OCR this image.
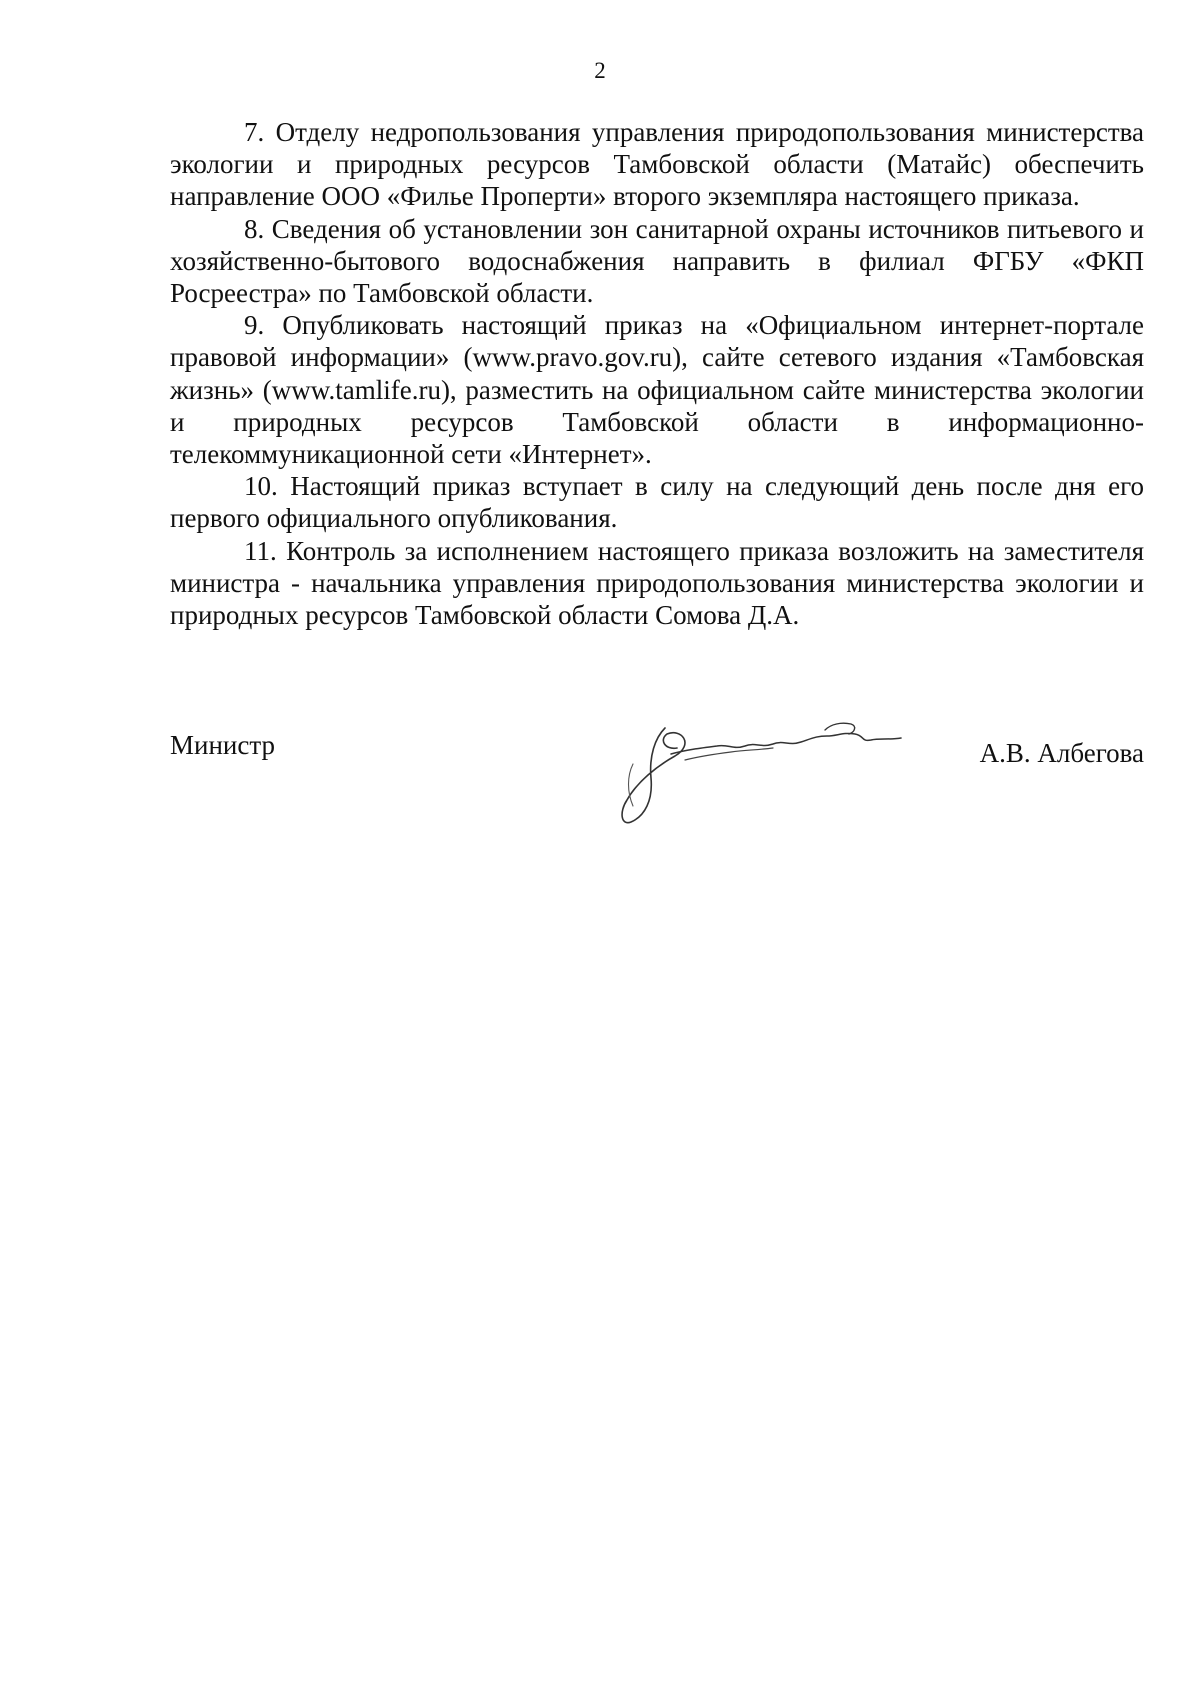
2

7. Отделу недропользования управления природопользования министерства экологии и природных ресурсов Тамбовской области (Матайс) обеспечить направление ООО «Филье Проперти» второго экземпляра настоящего приказа.

8. Сведения об установлении зон санитарной охраны источников питьевого и хозяйственно-бытового водоснабжения направить в филиал ФГБУ «ФКП Росреестра» по Тамбовской области.

9. Опубликовать настоящий приказ на «Официальном интернет-портале правовой информации» (www.pravo.gov.ru), сайте сетевого издания «Тамбовская жизнь» (www.tamlife.ru), разместить на официальном сайте министерства экологии и природных ресурсов Тамбовской области в информационно-телекоммуникационной сети «Интернет».

10. Настоящий приказ вступает в силу на следующий день после дня его первого официального опубликования.

11. Контроль за исполнением настоящего приказа возложить на заместителя министра - начальника управления природопользования министерства экологии и природных ресурсов Тамбовской области Сомова Д.А.

Министр	А.В. Албегова
